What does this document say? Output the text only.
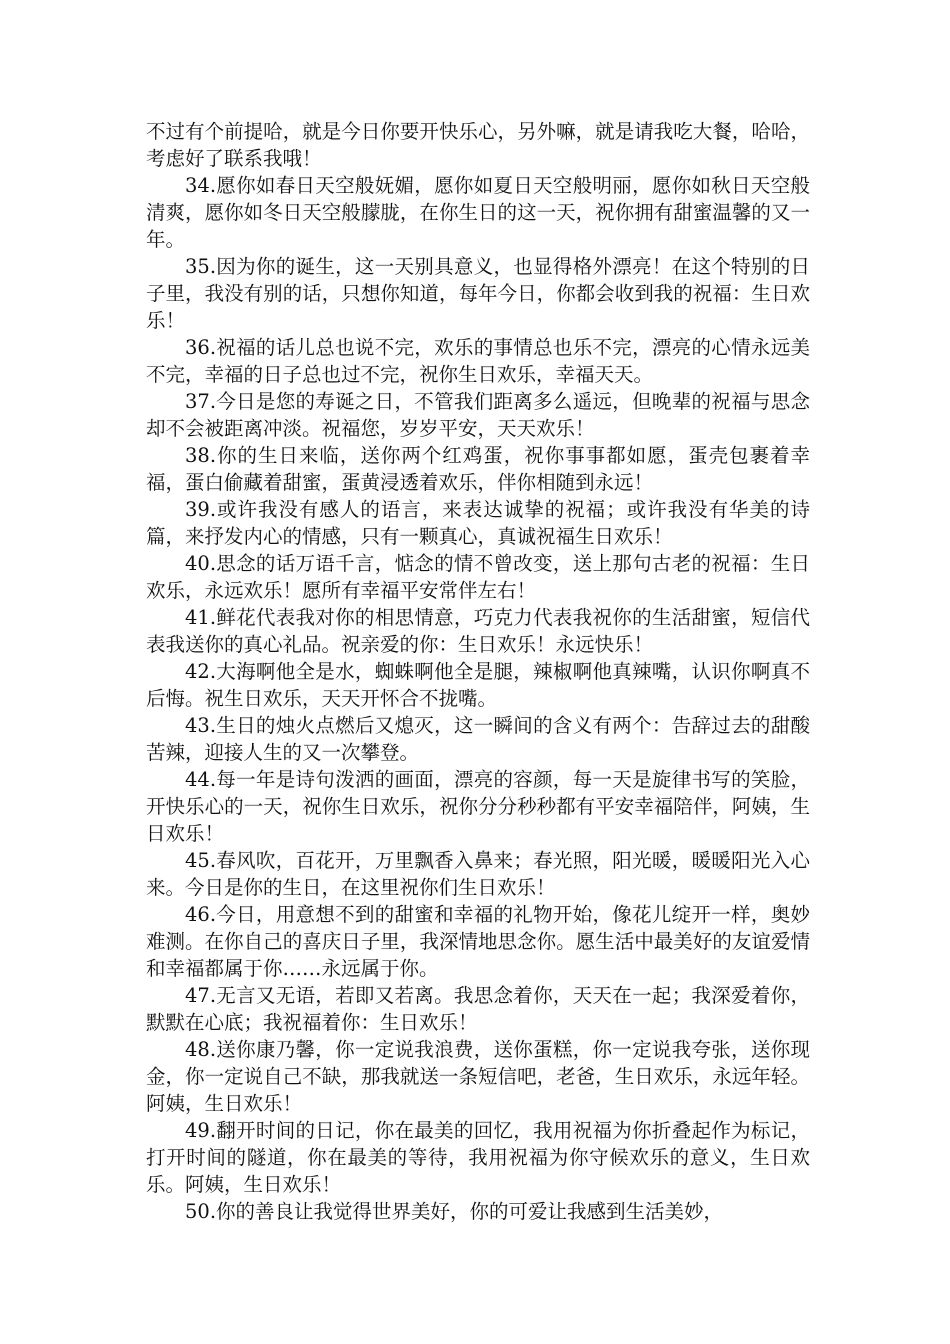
不过有个前提哈，就是今日你要开快乐心，另外嘛，就是请我吃大餐，哈哈，考虑好了联系我哦！

34.愿你如春日天空般妩媚，愿你如夏日天空般明丽，愿你如秋日天空般清爽，愿你如冬日天空般朦胧，在你生日的这一天，祝你拥有甜蜜温馨的又一年。

35.因为你的诞生，这一天别具意义，也显得格外漂亮！在这个特别的日子里，我没有别的话，只想你知道，每年今日，你都会收到我的祝福：生日欢乐！

36.祝福的话儿总也说不完，欢乐的事情总也乐不完，漂亮的心情永远美不完，幸福的日子总也过不完，祝你生日欢乐，幸福天天。

37.今日是您的寿诞之日，不管我们距离多么遥远，但晚辈的祝福与思念却不会被距离冲淡。祝福您，岁岁平安，天天欢乐！

38.你的生日来临，送你两个红鸡蛋，祝你事事都如愿，蛋壳包裹着幸福，蛋白偷藏着甜蜜，蛋黄浸透着欢乐，伴你相随到永远！

39.或许我没有感人的语言，来表达诚挚的祝福；或许我没有华美的诗篇，来抒发内心的情感，只有一颗真心，真诚祝福生日欢乐！

40.思念的话万语千言，惦念的情不曾改变，送上那句古老的祝福：生日欢乐，永远欢乐！愿所有幸福平安常伴左右！

41.鲜花代表我对你的相思情意，巧克力代表我祝你的生活甜蜜，短信代表我送你的真心礼品。祝亲爱的你：生日欢乐！永远快乐！

42.大海啊他全是水，蜘蛛啊他全是腿，辣椒啊他真辣嘴，认识你啊真不后悔。祝生日欢乐，天天开怀合不拢嘴。

43.生日的烛火点燃后又熄灭，这一瞬间的含义有两个：告辞过去的甜酸苦辣，迎接人生的又一次攀登。

44.每一年是诗句泼洒的画面，漂亮的容颜，每一天是旋律书写的笑脸，开快乐心的一天，祝你生日欢乐，祝你分分秒秒都有平安幸福陪伴，阿姨，生日欢乐！

45.春风吹，百花开，万里飘香入鼻来；春光照，阳光暖，暖暖阳光入心来。今日是你的生日，在这里祝你们生日欢乐！

46.今日，用意想不到的甜蜜和幸福的礼物开始，像花儿绽开一样，奥妙难测。在你自己的喜庆日子里，我深情地思念你。愿生活中最美好的友谊爱情和幸福都属于你……永远属于你。

47.无言又无语，若即又若离。我思念着你，天天在一起；我深爱着你，默默在心底；我祝福着你：生日欢乐！

48.送你康乃馨，你一定说我浪费，送你蛋糕，你一定说我夸张，送你现金，你一定说自己不缺，那我就送一条短信吧，老爸，生日欢乐，永远年轻。阿姨，生日欢乐！

49.翻开时间的日记，你在最美的回忆，我用祝福为你折叠起作为标记，打开时间的隧道，你在最美的等待，我用祝福为你守候欢乐的意义，生日欢乐。阿姨，生日欢乐！

50.你的善良让我觉得世界美好，你的可爱让我感到生活美妙，
